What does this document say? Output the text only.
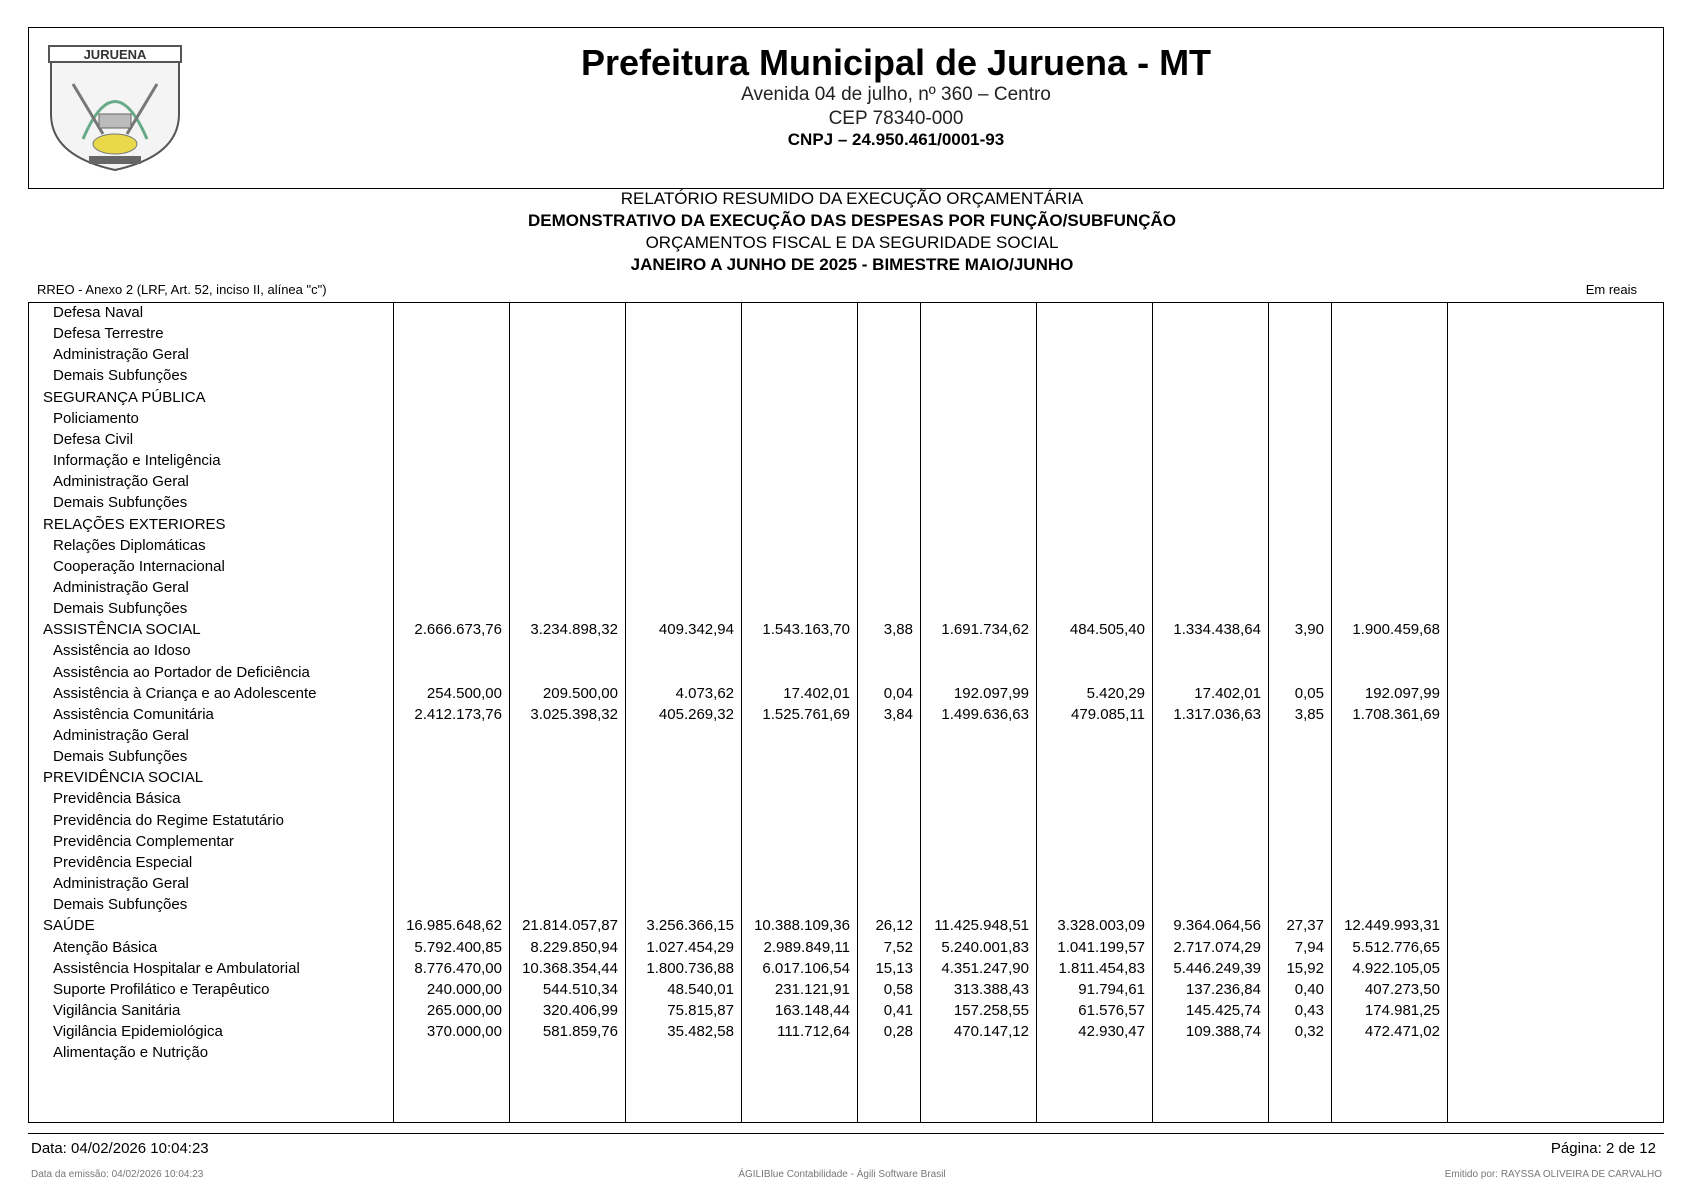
JURUENA	Prefeitura Municipal de Juruena - MT
Avenida 04 de julho, nº 360 – Centro
CEP 78340-000
CNPJ – 24.950.461/0001-93
RELATÓRIO RESUMIDO DA EXECUÇÃO ORÇAMENTÁRIA
DEMONSTRATIVO DA EXECUÇÃO DAS DESPESAS POR FUNÇÃO/SUBFUNÇÃO
ORÇAMENTOS FISCAL E DA SEGURIDADE SOCIAL
JANEIRO A JUNHO DE 2025 - BIMESTRE MAIO/JUNHO
RREO - Anexo 2 (LRF, Art. 52, inciso II, alínea "c")	Em reais
Defesa Naval
Defesa Terrestre
Administração Geral
Demais Subfunções
SEGURANÇA PÚBLICA
Policiamento
Defesa Civil
Informação e Inteligência
Administração Geral
Demais Subfunções
RELAÇÕES EXTERIORES
Relações Diplomáticas
Cooperação Internacional
Administração Geral
Demais Subfunções
ASSISTÊNCIA SOCIAL	2.666.673,76 3.234.898,32	409.342,94 1.543.163,70 3,88 1.691.734,62	484.505,40 1.334.438,64 3,90 1.900.459,68
Assistência ao Idoso
Assistência ao Portador de Deficiência
Assistência à Criança e ao Adolescente	254.500,00	209.500,00	4.073,62	17.402,01 0,04	192.097,99	5.420,29	17.402,01 0,05	192.097,99
Assistência Comunitária	2.412.173,76 3.025.398,32	405.269,32 1.525.761,69 3,84 1.499.636,63	479.085,11 1.317.036,63 3,85 1.708.361,69
Administração Geral
Demais Subfunções
PREVIDÊNCIA SOCIAL
Previdência Básica
Previdência do Regime Estatutário
Previdência Complementar
Previdência Especial
Administração Geral
Demais Subfunções
SAÚDE	16.985.648,62 21.814.057,87 3.256.366,15 10.388.109,36 26,12 11.425.948,51 3.328.003,09 9.364.064,56 27,37 12.449.993,31
Atenção Básica	5.792.400,85 8.229.850,94 1.027.454,29 2.989.849,11 7,52 5.240.001,83 1.041.199,57 2.717.074,29 7,94 5.512.776,65
Assistência Hospitalar e Ambulatorial	8.776.470,00 10.368.354,44 1.800.736,88 6.017.106,54 15,13 4.351.247,90 1.811.454,83 5.446.249,39 15,92 4.922.105,05
Suporte Profilático e Terapêutico	240.000,00	544.510,34	48.540,01	231.121,91 0,58	313.388,43	91.794,61	137.236,84 0,40	407.273,50
Vigilância Sanitária	265.000,00	320.406,99	75.815,87	163.148,44 0,41	157.258,55	61.576,57	145.425,74 0,43	174.981,25
Vigilância Epidemiológica	370.000,00	581.859,76	35.482,58	111.712,64 0,28	470.147,12	42.930,47	109.388,74 0,32	472.471,02
Alimentação e Nutrição
Data: 04/02/2026 10:04:23	Página: 2 de 12
Data da emissão: 04/02/2026 10:04:23	ÁGILIBlue Contabilidade - Ágili Software Brasil	Emitido por: RAYSSA OLIVEIRA DE CARVALHO
